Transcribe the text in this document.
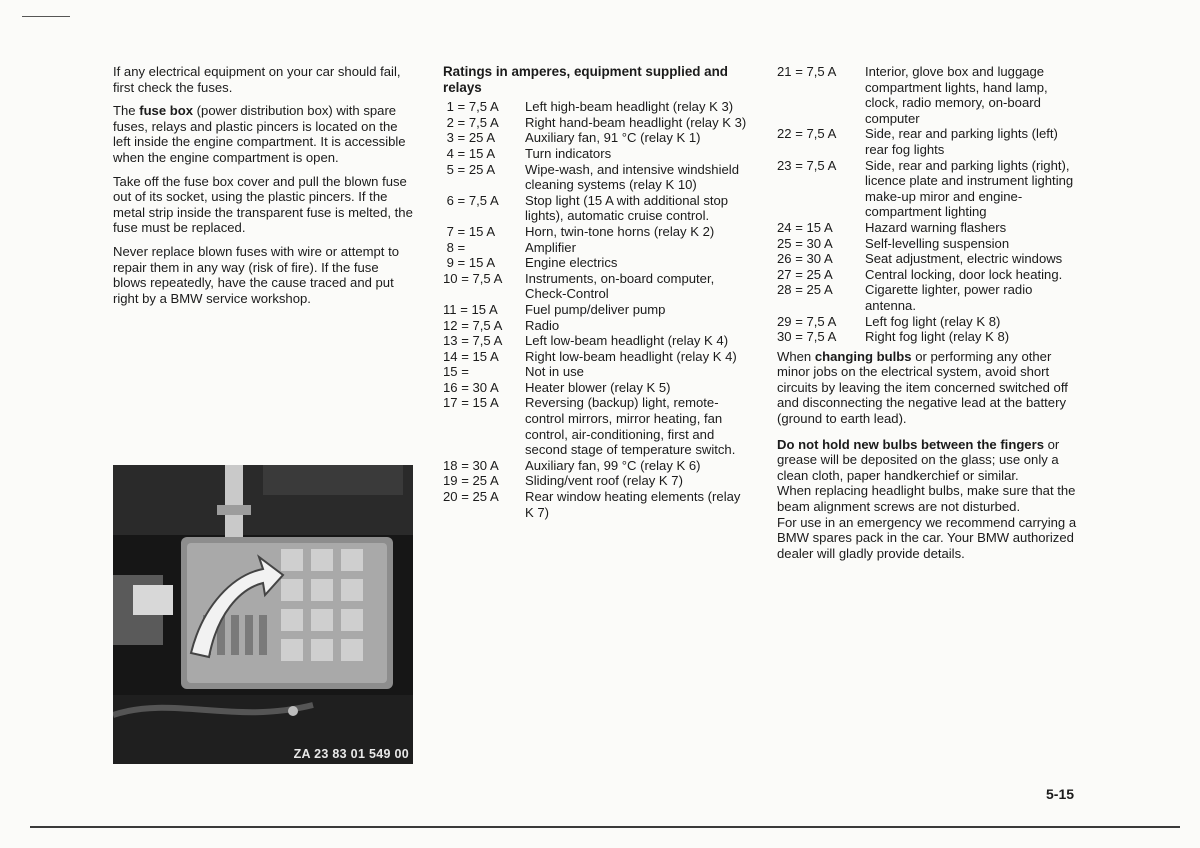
If any electrical equipment on your car should fail, first check the fuses.

The fuse box (power distribution box) with spare fuses, relays and plastic pincers is located on the left inside the engine compartment. It is accessible when the engine compartment is open.

Take off the fuse box cover and pull the blown fuse out of its socket, using the plastic pincers. If the metal strip inside the transparent fuse is melted, the fuse must be replaced.

Never replace blown fuses with wire or attempt to repair them in any way (risk of fire). If the fuse blows repeatedly, have the cause traced and put right by a BMW service workshop.

ZA 23 83 01 549 00
Ratings in amperes, equipment supplied and relays
1 = 7,5 A	Left high-beam headlight (relay K 3)
2 = 7,5 A	Right hand-beam headlight (relay K 3)
3 = 25 A	Auxiliary fan, 91 °C (relay K 1)
4 = 15 A	Turn indicators
5 = 25 A	Wipe-wash, and intensive windshield cleaning systems (relay K 10)
6 = 7,5 A	Stop light (15 A with additional stop lights), automatic cruise control.
7 = 15 A	Horn, twin-tone horns (relay K 2)
8 =	Amplifier
9 = 15 A	Engine electrics
10 = 7,5 A	Instruments, on-board computer, Check-Control
11 = 15 A	Fuel pump/deliver pump
12 = 7,5 A	Radio
13 = 7,5 A	Left low-beam headlight (relay K 4)
14 = 15 A	Right low-beam headlight (relay K 4)
15 =	Not in use
16 = 30 A	Heater blower (relay K 5)
17 = 15 A	Reversing (backup) light, remote-control mirrors, mirror heating, fan control, air-conditioning, first and second stage of temperature switch.
18 = 30 A	Auxiliary fan, 99 °C (relay K 6)
19 = 25 A	Sliding/vent roof (relay K 7)
20 = 25 A	Rear window heating elements (relay K 7)
21 = 7,5 A	Interior, glove box and luggage compartment lights, hand lamp, clock, radio memory, on-board computer
22 = 7,5 A	Side, rear and parking lights (left) rear fog lights
23 = 7,5 A	Side, rear and parking lights (right), licence plate and instrument lighting make-up miror and engine-compartment lighting
24 = 15 A	Hazard warning flashers
25 = 30 A	Self-levelling suspension
26 = 30 A	Seat adjustment, electric windows
27 = 25 A	Central locking, door lock heating.
28 = 25 A	Cigarette lighter, power radio antenna.
29 = 7,5 A	Left fog light (relay K 8)
30 = 7,5 A	Right fog light (relay K 8)

When changing bulbs or performing any other minor jobs on the electrical system, avoid short circuits by leaving the item concerned switched off and disconnecting the negative lead at the battery (ground to earth lead).

Do not hold new bulbs between the fingers or grease will be deposited on the glass; use only a clean cloth, paper handkerchief or similar.

When replacing headlight bulbs, make sure that the beam alignment screws are not disturbed.

For use in an emergency we recommend carrying a BMW spares pack in the car. Your BMW authorized dealer will gladly provide details.

5-15
